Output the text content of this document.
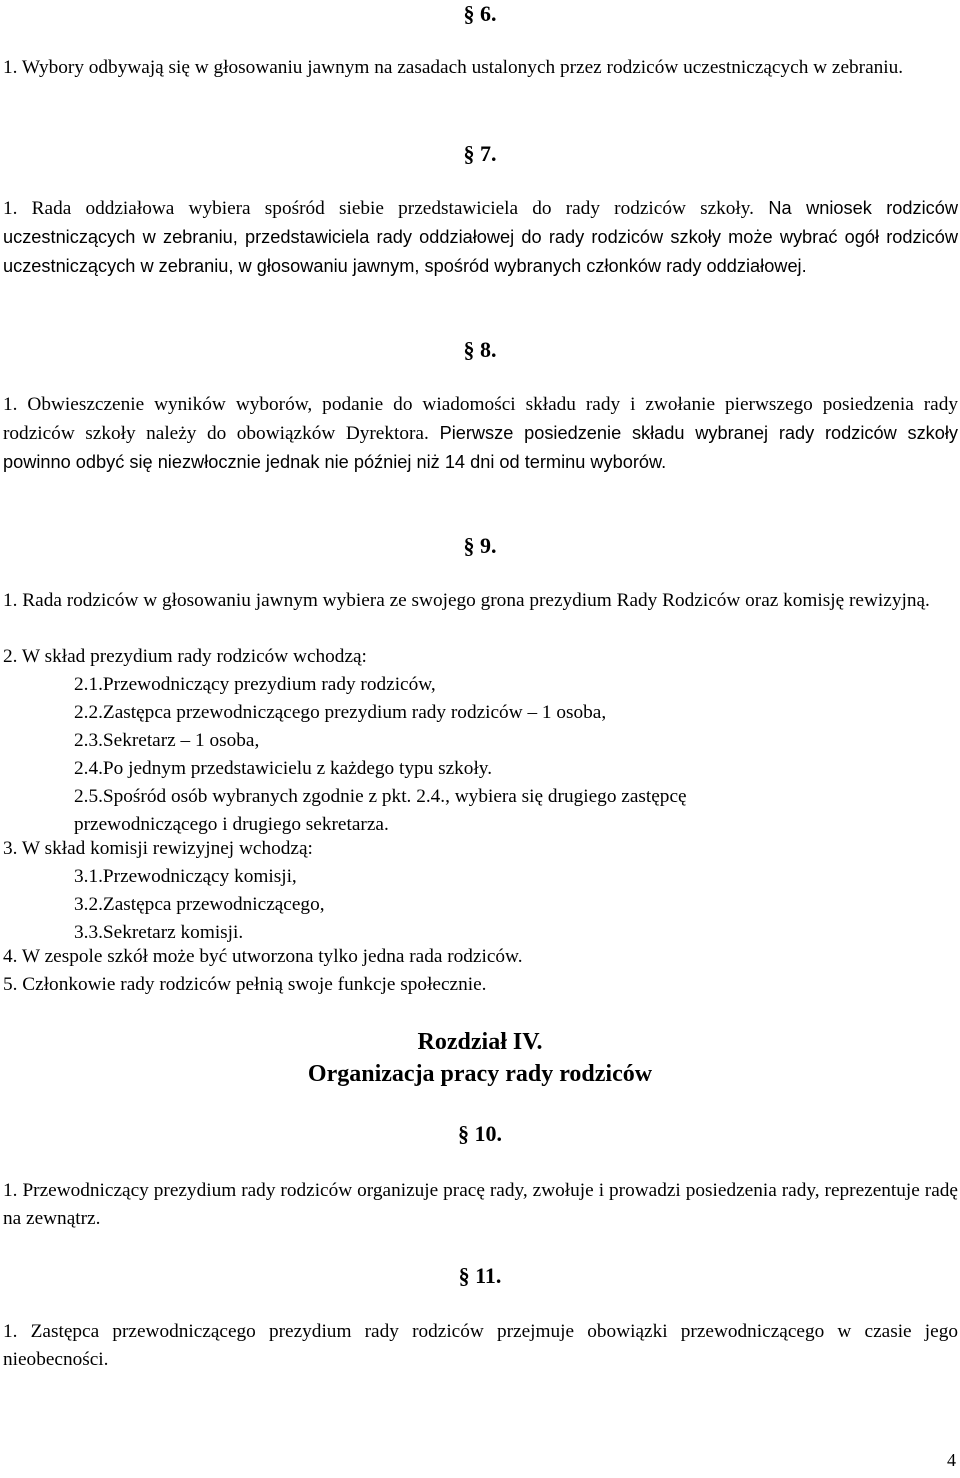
§ 6.
1. Wybory odbywają się w głosowaniu jawnym na zasadach ustalonych przez rodziców uczestniczących w zebraniu.
§ 7.
1. Rada oddziałowa wybiera spośród siebie przedstawiciela do rady rodziców szkoły. Na wniosek rodziców uczestniczących w zebraniu, przedstawiciela rady oddziałowej do rady rodziców szkoły może wybrać ogół rodziców uczestniczących w zebraniu, w głosowaniu jawnym, spośród wybranych członków rady oddziałowej.
§ 8.
1. Obwieszczenie wyników wyborów, podanie do wiadomości składu rady i zwołanie pierwszego posiedzenia rady rodziców szkoły należy do obowiązków Dyrektora. Pierwsze posiedzenie składu wybranej rady rodziców szkoły powinno odbyć się niezwłocznie jednak nie później niż 14 dni od terminu wyborów.
§ 9.
1. Rada rodziców w głosowaniu jawnym wybiera ze swojego grona prezydium Rady Rodziców oraz komisję rewizyjną.
2. W skład prezydium rady rodziców wchodzą:
2.1.Przewodniczący prezydium rady rodziców,
2.2.Zastępca przewodniczącego prezydium rady rodziców – 1 osoba,
2.3.Sekretarz – 1 osoba,
2.4.Po jednym przedstawicielu z każdego typu szkoły.
2.5.Spośród osób wybranych zgodnie z pkt. 2.4., wybiera się drugiego zastępcę
przewodniczącego i drugiego sekretarza.
3. W skład komisji rewizyjnej wchodzą:
3.1.Przewodniczący komisji,
3.2.Zastępca przewodniczącego,
3.3.Sekretarz komisji.
4. W zespole szkół może być utworzona tylko jedna rada rodziców.
5. Członkowie rady rodziców pełnią swoje funkcje społecznie.
Rozdział IV.
Organizacja pracy rady rodziców
§ 10.
1. Przewodniczący prezydium rady rodziców organizuje pracę rady, zwołuje i prowadzi posiedzenia rady, reprezentuje radę na zewnątrz.
§ 11.
1. Zastępca przewodniczącego prezydium rady rodziców przejmuje obowiązki przewodniczącego w czasie jego nieobecności.
4
